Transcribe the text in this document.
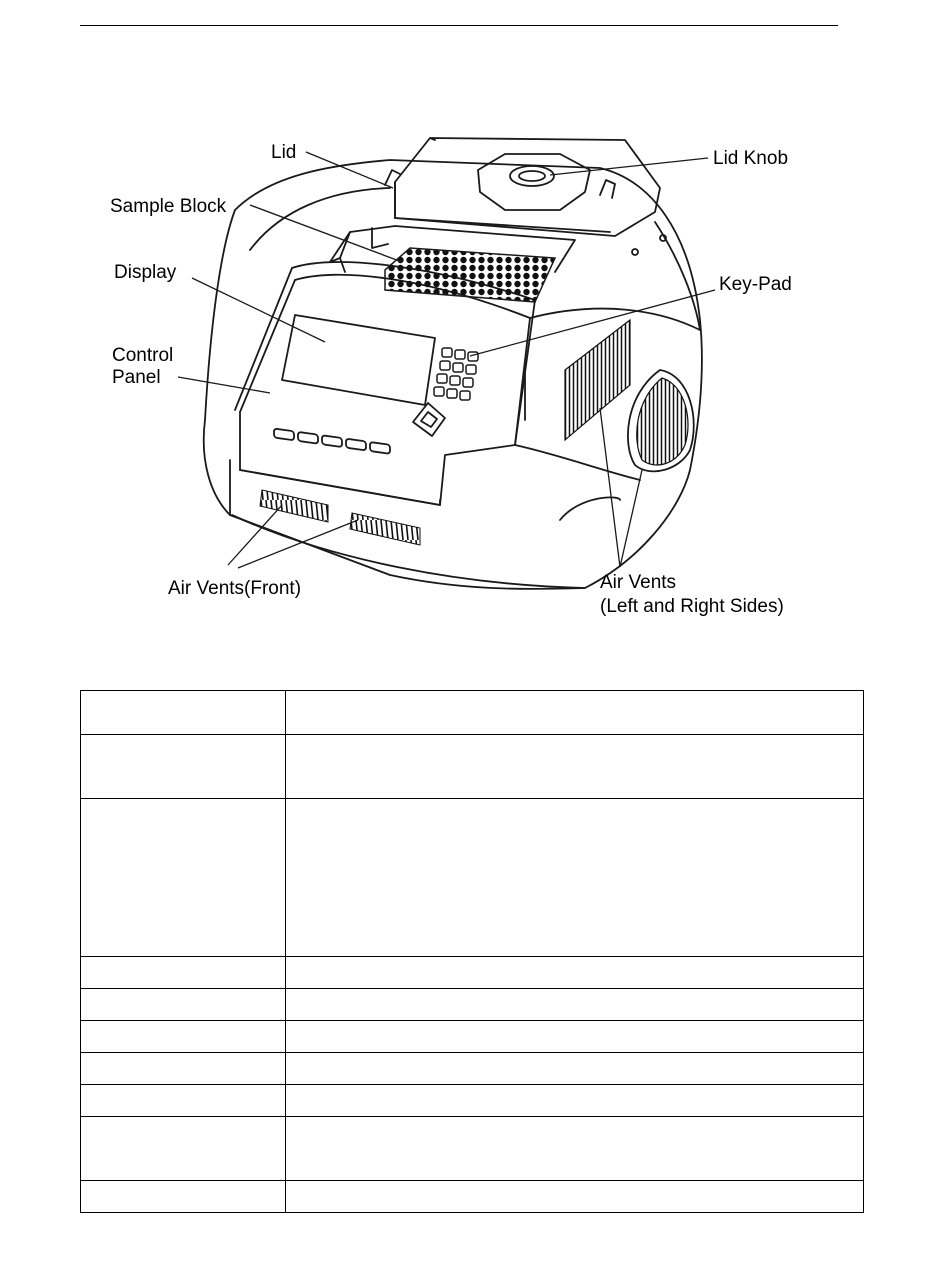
Lid	Lid Knob
Sample Block
Display
Key-Pad
Control
Panel
Air Vents(Front)	Air Vents
(Left and Right Sides)
